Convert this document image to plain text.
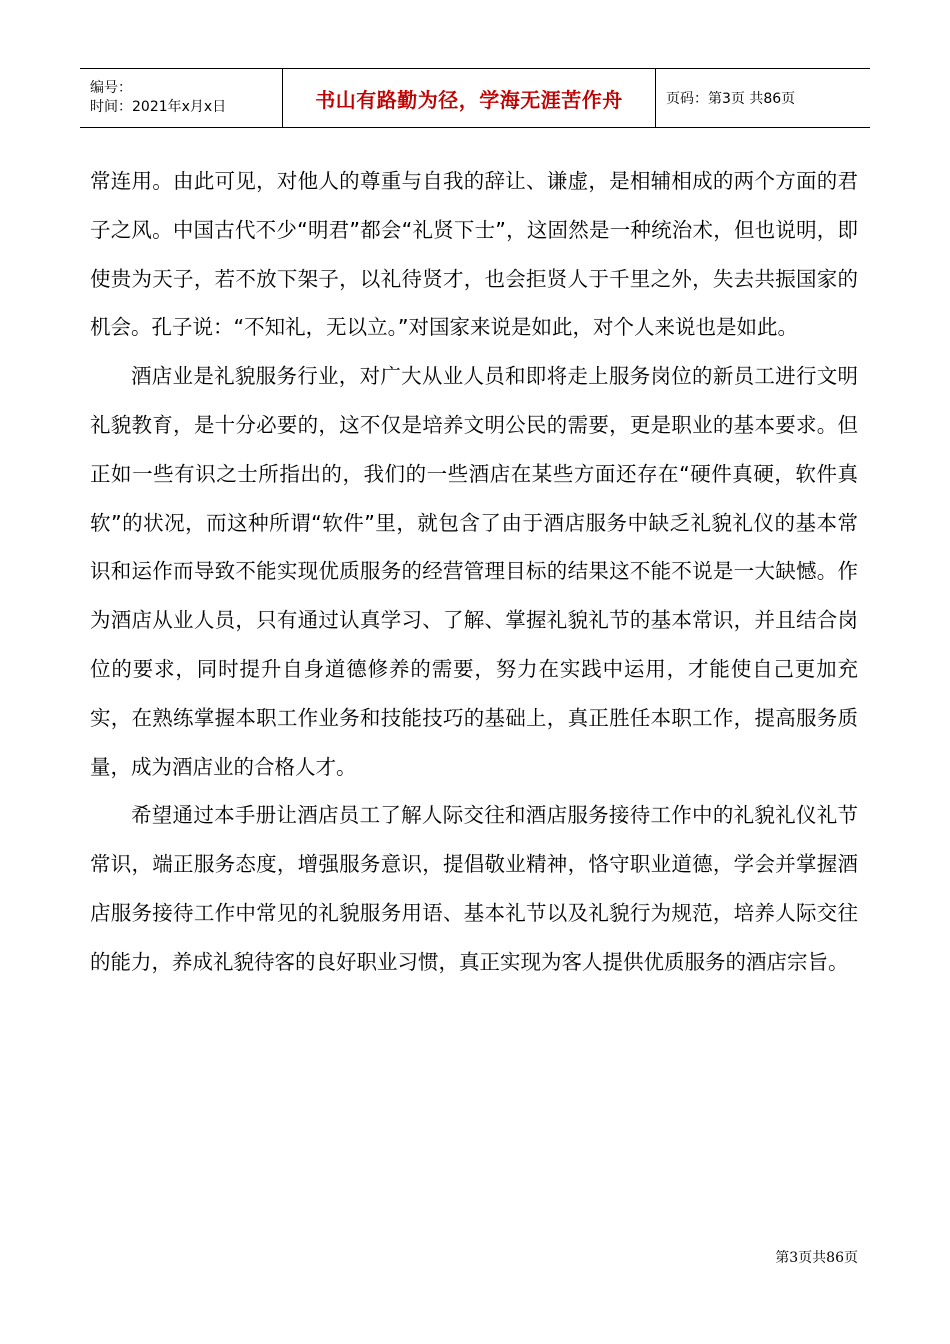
编号：
时间：2021年x月x日	书山有路勤为径，学海无涯苦作舟	页码：第3页 共86页

常连用。由此可见，对他人的尊重与自我的辞让、谦虚，是相辅相成的两个方面的君子之风。中国古代不少“明君”都会“礼贤下士”，这固然是一种统治术，但也说明，即使贵为天子，若不放下架子，以礼待贤才，也会拒贤人于千里之外，失去共振国家的机会。孔子说：“不知礼，无以立。”对国家来说是如此，对个人来说也是如此。

酒店业是礼貌服务行业，对广大从业人员和即将走上服务岗位的新员工进行文明礼貌教育，是十分必要的，这不仅是培养文明公民的需要，更是职业的基本要求。但正如一些有识之士所指出的，我们的一些酒店在某些方面还存在“硬件真硬，软件真软”的状况，而这种所谓“软件”里，就包含了由于酒店服务中缺乏礼貌礼仪的基本常识和运作而导致不能实现优质服务的经营管理目标的结果这不能不说是一大缺憾。作为酒店从业人员，只有通过认真学习、了解、掌握礼貌礼节的基本常识，并且结合岗位的要求，同时提升自身道德修养的需要，努力在实践中运用，才能使自己更加充实，在熟练掌握本职工作业务和技能技巧的基础上，真正胜任本职工作，提高服务质量，成为酒店业的合格人才。

希望通过本手册让酒店员工了解人际交往和酒店服务接待工作中的礼貌礼仪礼节常识，端正服务态度，增强服务意识，提倡敬业精神，恪守职业道德，学会并掌握酒店服务接待工作中常见的礼貌服务用语、基本礼节以及礼貌行为规范，培养人际交往的能力，养成礼貌待客的良好职业习惯，真正实现为客人提供优质服务的酒店宗旨。

第3页共86页
